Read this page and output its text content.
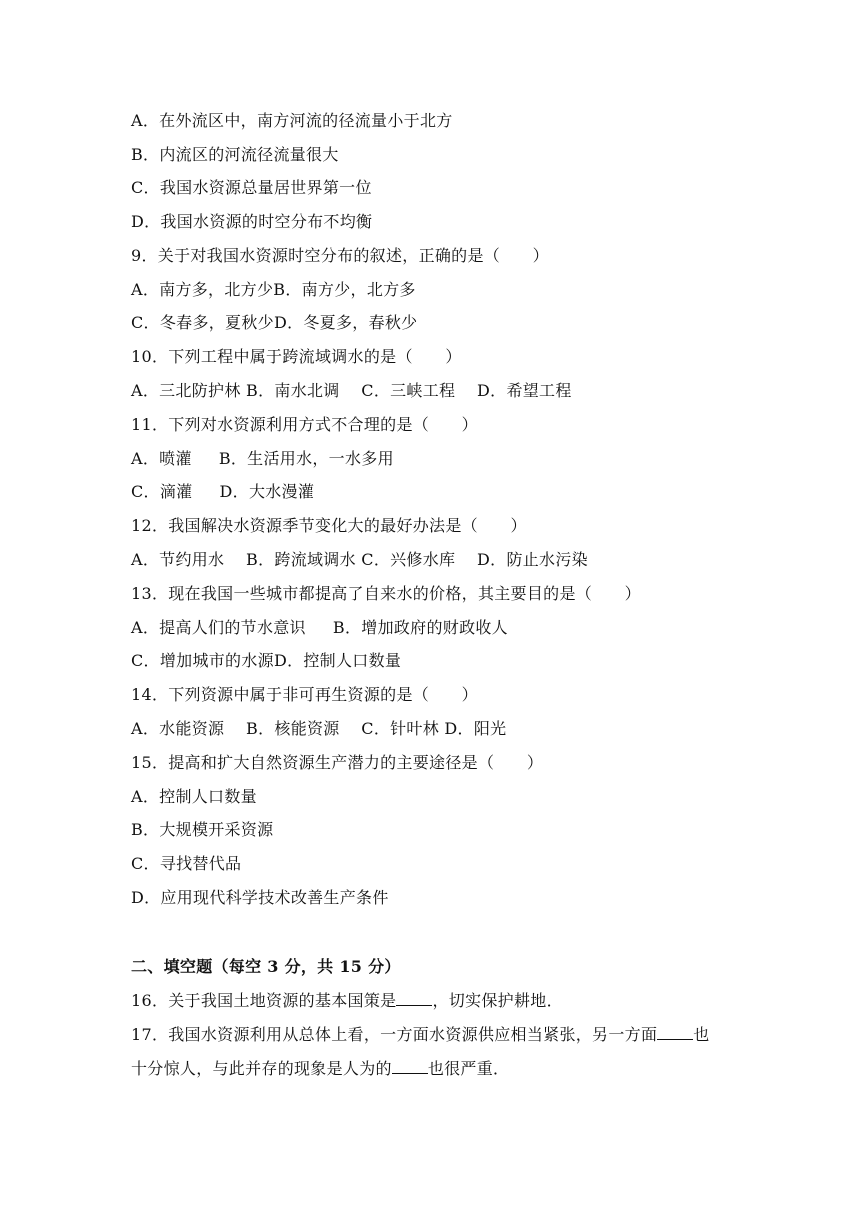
A．在外流区中，南方河流的径流量小于北方
B．内流区的河流径流量很大
C．我国水资源总量居世界第一位
D．我国水资源的时空分布不均衡
9．关于对我国水资源时空分布的叙述，正确的是（　　）
A．南方多，北方少B．南方少，北方多
C．冬春多，夏秋少D．冬夏多，春秋少
10．下列工程中属于跨流域调水的是（　　）
A．三北防护林 B．南水北调　 C．三峡工程　 D．希望工程
11．下列对水资源利用方式不合理的是（　　）
A．喷灌　  B．生活用水，一水多用
C．滴灌　  D．大水漫灌
12．我国解决水资源季节变化大的最好办法是（　　）
A．节约用水　 B．跨流域调水 C．兴修水库　 D．防止水污染
13．现在我国一些城市都提高了自来水的价格，其主要目的是（　　）
A．提高人们的节水意识　  B．增加政府的财政收人
C．增加城市的水源D．控制人口数量
14．下列资源中属于非可再生资源的是（　　）
A．水能资源　 B．核能资源　 C．针叶林 D．阳光
15．提高和扩大自然资源生产潜力的主要途径是（　　）
A．控制人口数量
B．大规模开采资源
C．寻找替代品
D．应用现代科学技术改善生产条件
二、填空题（每空 3 分，共 15 分）
16．关于我国土地资源的基本国策是 ，切实保护耕地．
17．我国水资源利用从总体上看，一方面水资源供应相当紧张，另一方面 也
十分惊人，与此并存的现象是人为的 也很严重．
